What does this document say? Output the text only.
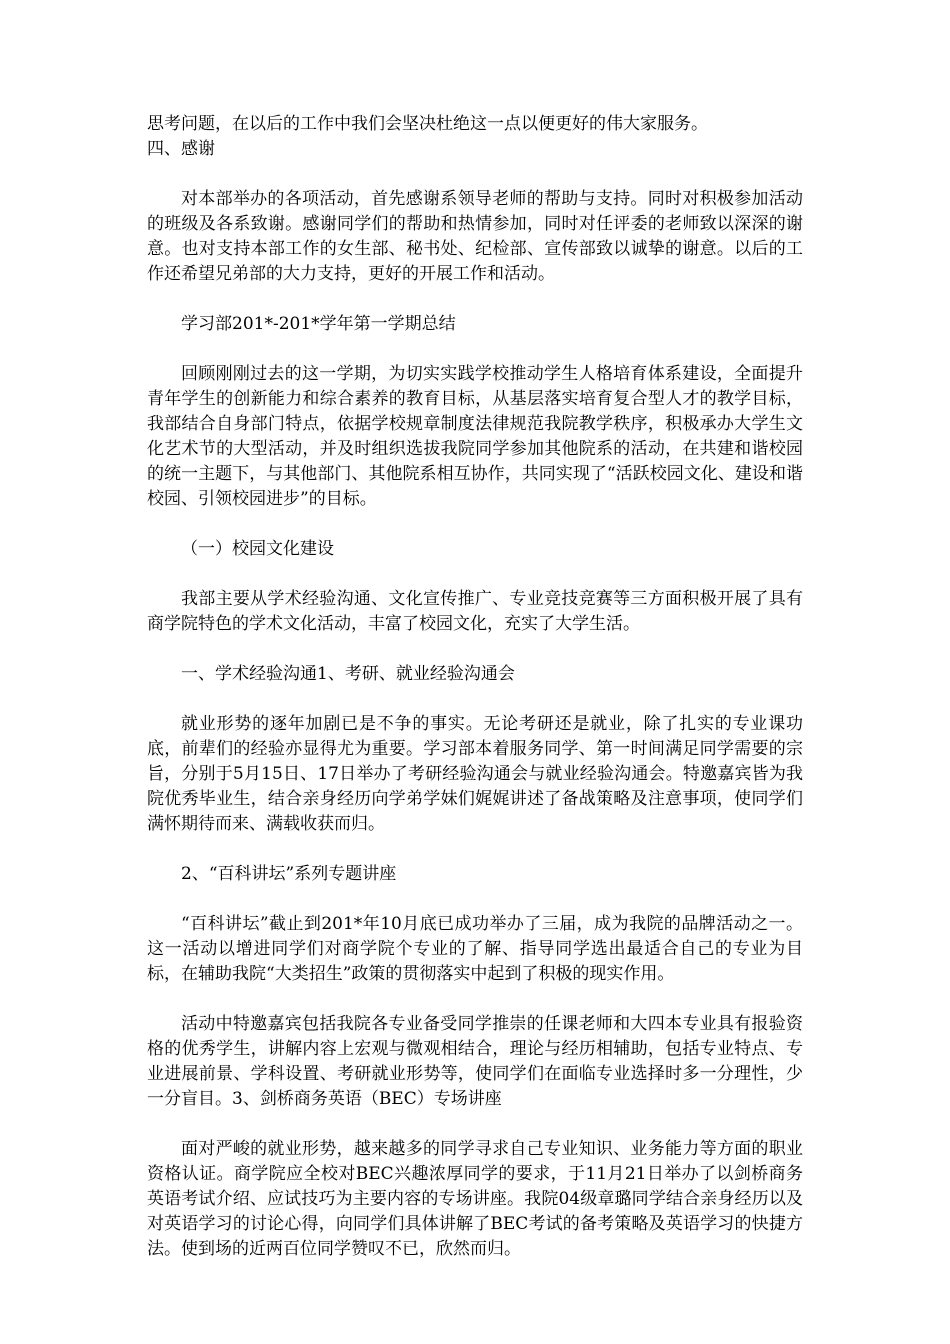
思考问题，在以后的工作中我们会坚决杜绝这一点以便更好的伟大家服务。

四、感谢

对本部举办的各项活动，首先感谢系领导老师的帮助与支持。同时对积极参加活动的班级及各系致谢。感谢同学们的帮助和热情参加，同时对任评委的老师致以深深的谢意。也对支持本部工作的女生部、秘书处、纪检部、宣传部致以诚挚的谢意。以后的工作还希望兄弟部的大力支持，更好的开展工作和活动。

学习部201*-201*学年第一学期总结

回顾刚刚过去的这一学期，为切实实践学校推动学生人格培育体系建设，全面提升青年学生的创新能力和综合素养的教育目标，从基层落实培育复合型人才的教学目标，我部结合自身部门特点，依据学校规章制度法律规范我院教学秩序，积极承办大学生文化艺术节的大型活动，并及时组织选拔我院同学参加其他院系的活动，在共建和谐校园的统一主题下，与其他部门、其他院系相互协作，共同实现了“活跃校园文化、建设和谐校园、引领校园进步”的目标。

（一）校园文化建设

我部主要从学术经验沟通、文化宣传推广、专业竞技竞赛等三方面积极开展了具有商学院特色的学术文化活动，丰富了校园文化，充实了大学生活。

一、学术经验沟通1、考研、就业经验沟通会

就业形势的逐年加剧已是不争的事实。无论考研还是就业，除了扎实的专业课功底，前辈们的经验亦显得尤为重要。学习部本着服务同学、第一时间满足同学需要的宗旨，分别于5月15日、17日举办了考研经验沟通会与就业经验沟通会。特邀嘉宾皆为我院优秀毕业生，结合亲身经历向学弟学妹们娓娓讲述了备战策略及注意事项，使同学们满怀期待而来、满载收获而归。

2、“百科讲坛”系列专题讲座

“百科讲坛”截止到201*年10月底已成功举办了三届，成为我院的品牌活动之一。这一活动以增进同学们对商学院个专业的了解、指导同学选出最适合自己的专业为目标，在辅助我院“大类招生”政策的贯彻落实中起到了积极的现实作用。

活动中特邀嘉宾包括我院各专业备受同学推崇的任课老师和大四本专业具有报验资格的优秀学生，讲解内容上宏观与微观相结合，理论与经历相辅助，包括专业特点、专业进展前景、学科设置、考研就业形势等，使同学们在面临专业选择时多一分理性，少一分盲目。3、剑桥商务英语（BEC）专场讲座

面对严峻的就业形势，越来越多的同学寻求自己专业知识、业务能力等方面的职业资格认证。商学院应全校对BEC兴趣浓厚同学的要求，于11月21日举办了以剑桥商务英语考试介绍、应试技巧为主要内容的专场讲座。我院04级章璐同学结合亲身经历以及对英语学习的讨论心得，向同学们具体讲解了BEC考试的备考策略及英语学习的快捷方法。使到场的近两百位同学赞叹不已，欣然而归。
